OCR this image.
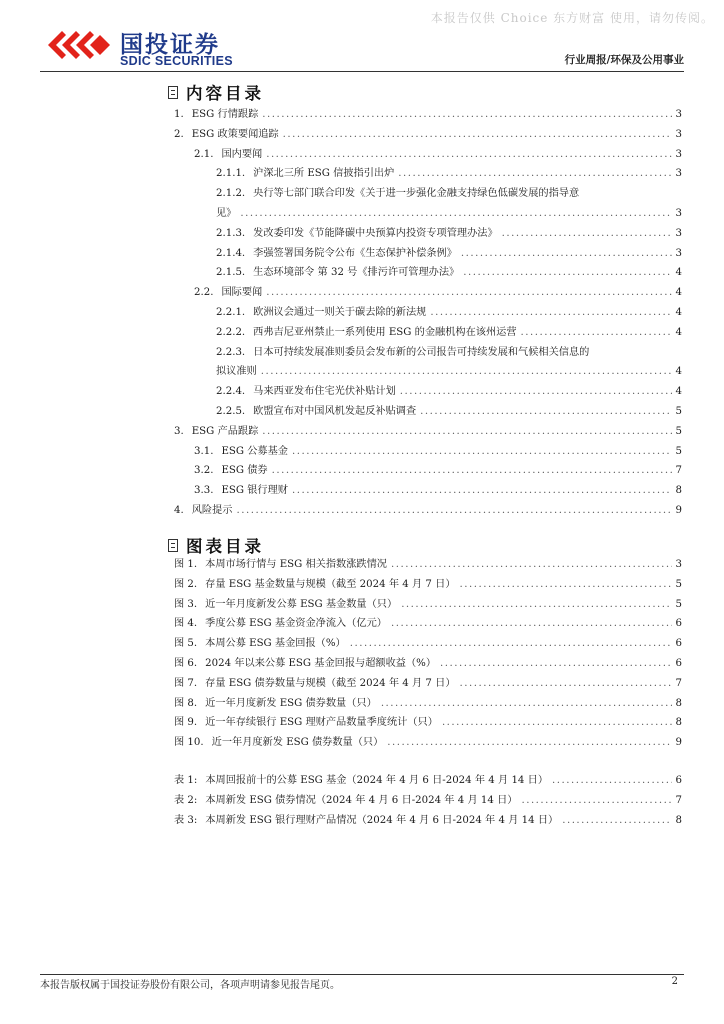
本报告仅供 Choice 东方财富 使用，请勿传阅。
国投证券
SDIC SECURITIES	行业周报/环保及公用事业
内容目录
1. ESG 行情跟踪 .....	3
2. ESG 政策要闻追踪 .....	3
2.1. 国内要闻 .....	3
2.1.1. 沪深北三所 ESG 信披指引出炉 .....	3
2.1.2. 央行等七部门联合印发《关于进一步强化金融支持绿色低碳发展的指导意
见》 .....	3
2.1.3. 发改委印发《节能降碳中央预算内投资专项管理办法》 .....	3
2.1.4. 李强签署国务院令公布《生态保护补偿条例》 .....	3
2.1.5. 生态环境部令 第 32 号《排污许可管理办法》 .....	4
2.2. 国际要闻 .....	4
2.2.1. 欧洲议会通过一则关于碳去除的新法规 .....	4
2.2.2. 西弗吉尼亚州禁止一系列使用 ESG 的金融机构在该州运营 .....	4
2.2.3. 日本可持续发展准则委员会发布新的公司报告可持续发展和气候相关信息的
拟议准则 .....	4
2.2.4. 马来西亚发布住宅光伏补贴计划 .....	4
2.2.5. 欧盟宣布对中国风机发起反补贴调查 .....	5
3. ESG 产品跟踪 .....	5
3.1. ESG 公募基金 .....	5
3.2. ESG 债券 .....	7
3.3. ESG 银行理财 .....	8
4. 风险提示 .....	9
图表目录
图 1. 本周市场行情与 ESG 相关指数涨跌情况 .....	3
图 2. 存量 ESG 基金数量与规模（截至 2024 年 4 月 7 日） .....	5
图 3. 近一年月度新发公募 ESG 基金数量（只） .....	5
图 4. 季度公募 ESG 基金资金净流入（亿元） .....	6
图 5. 本周公募 ESG 基金回报（%） .....	6
图 6. 2024 年以来公募 ESG 基金回报与超额收益（%） .....	6
图 7. 存量 ESG 债券数量与规模（截至 2024 年 4 月 7 日） .....	7
图 8. 近一年月度新发 ESG 债券数量（只） .....	8
图 9. 近一年存续银行 ESG 理财产品数量季度统计（只） .....	8
图 10. 近一年月度新发 ESG 债券数量（只） .....	9
表 1: 本周回报前十的公募 ESG 基金（2024 年 4 月 6 日-2024 年 4 月 14 日） .....	6
表 2: 本周新发 ESG 债券情况（2024 年 4 月 6 日-2024 年 4 月 14 日） .....	7
表 3: 本周新发 ESG 银行理财产品情况（2024 年 4 月 6 日-2024 年 4 月 14 日） .....	8
本报告版权属于国投证券股份有限公司，各项声明请参见报告尾页。	2
